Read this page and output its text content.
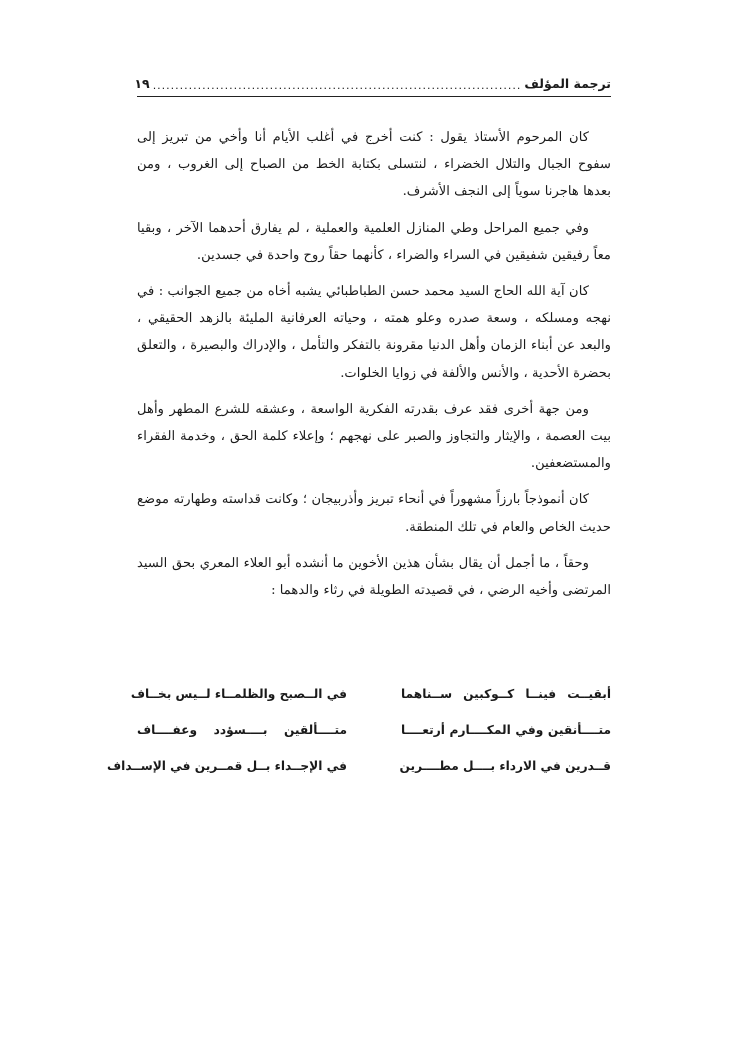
ترجمة المؤلف
..................................................................................
١٩

كان المرحوم الأستاذ يقول : كنت أخرج في أغلب الأيام أنا وأخي من تبريز إلى سفوح الجبال والتلال الخضراء ، لنتسلى بكتابة الخط من الصباح إلى الغروب ، ومن بعدها هاجرنا سوياً إلى النجف الأشرف.

وفي جميع المراحل وطي المنازل العلمية والعملية ، لم يفارق أحدهما الآخر ، وبقيا معاً رفيقين شفيقين في السراء والضراء ، كأنهما حقاً روح واحدة في جسدين.

كان آية الله الحاج السيد محمد حسن الطباطبائي يشبه أخاه من جميع الجوانب : في نهجه ومسلكه ، وسعة صدره وعلو همته ، وحياته العرفانية المليئة بالزهد الحقيقي ، والبعد عن أبناء الزمان وأهل الدنيا مقرونة بالتفكر والتأمل ، والإدراك والبصيرة ، والتعلق بحضرة الأحدية ، والأنس والألفة في زوايا الخلوات.

ومن جهة أخرى فقد عرف بقدرته الفكرية الواسعة ، وعشقه للشرع المطهر وأهل بيت العصمة ، والإيثار والتجاوز والصبر على نهجهم ؛ وإعلاء كلمة الحق ، وخدمة الفقراء والمستضعفين.

كان أنموذجاً بارزاً مشهوراً في أنحاء تبريز وأذربيجان ؛ وكانت قداسته وطهارته موضع حديث الخاص والعام في تلك المنطقة.

وحقاً ، ما أجمل أن يقال بشأن هذين الأخوين ما أنشده أبو العلاء المعري بحق السيد المرتضى وأخيه الرضي ، في قصيدته الطويلة في رثاء والدهما :

أبقيــت فينــا كــوكبين ســناهما
في الــصبح والظلمــاء لــيس بخــاف
متــــأنقين وفي المكــــارم أرتعــــا
متــــألقين بــــسؤدد وعفــــاف
قــدرين في الارداء بــــل مطــــرين
في الإجــداء بــل قمــرين في الإســداف
